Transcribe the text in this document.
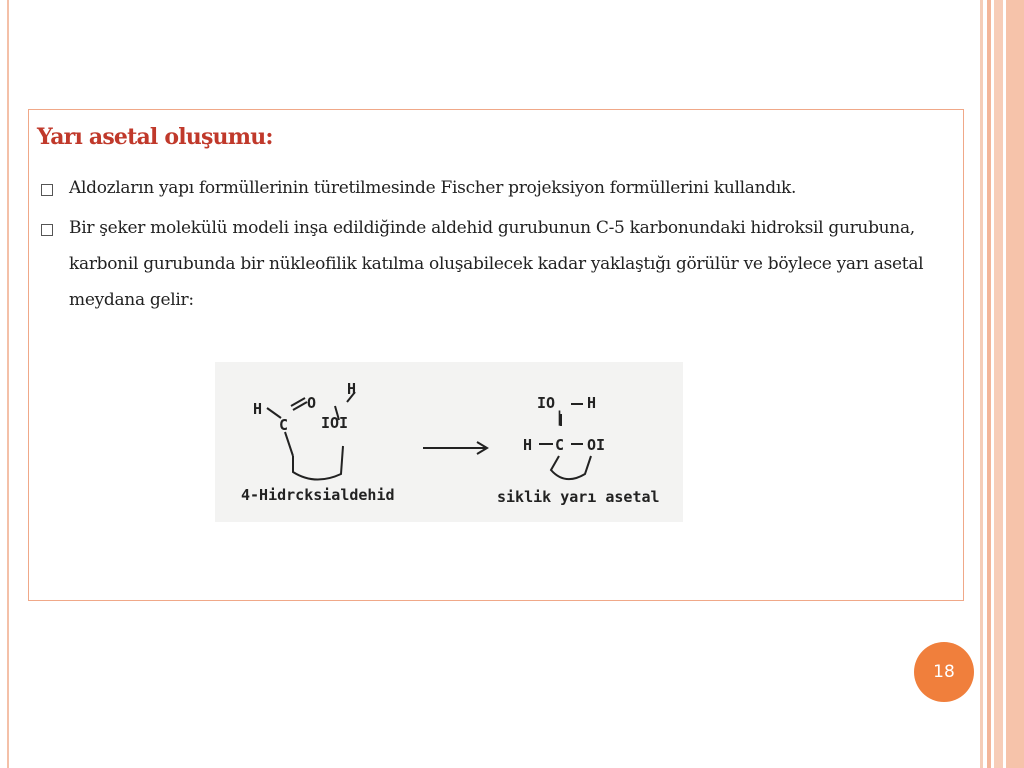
Yarı asetal oluşumu:
Aldozların yapı formüllerinin türetilmesinde Fischer projeksiyon formüllerini kullandık.
Bir şeker molekülü modeli inşa edildiğinde aldehid gurubunun C-5 karbonundaki hidroksil gurubuna, karbonil gurubunda bir nükleofilik katılma oluşabilecek kadar yaklaştığı görülür ve böylece yarı asetal meydana gelir:
H
C
O
IOI
H
IO H
|
H C OI
4-Hidrcksialdehid	siklik yarı asetal
18
